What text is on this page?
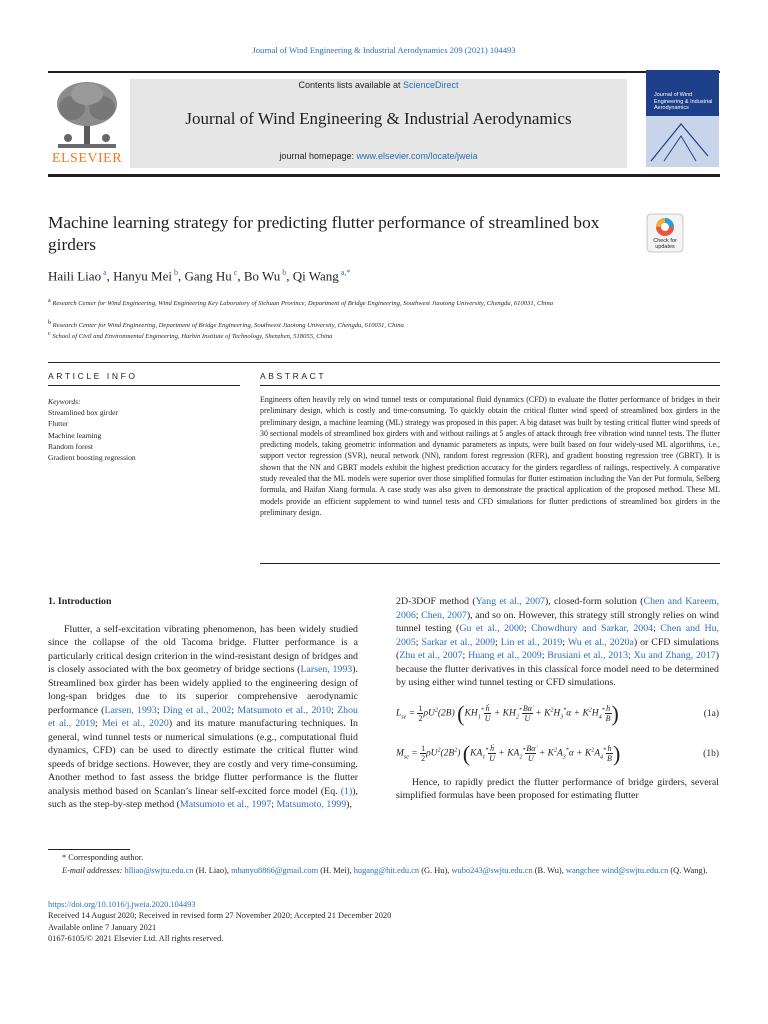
Journal of Wind Engineering & Industrial Aerodynamics 209 (2021) 104493
ELSEVIER
Contents lists available at ScienceDirect
Journal of Wind Engineering & Industrial Aerodynamics
journal homepage: www.elsevier.com/locate/jweia
Journal of Wind Engineering & Industrial Aerodynamics
Machine learning strategy for predicting flutter performance of streamlined box girders	Check for updates
Haili Liao $^a$, Hanyu Mei $^b$, Gang Hu $^c$, Bo Wu $^b$, Qi Wang $^{a,*}$
$^a$ Research Center for Wind Engineering, Wind Engineering Key Laboratory of Sichuan Province, Department of Bridge Engineering, Southwest Jiaotong University, Chengdu, 610031, China
$^b$ Research Center for Wind Engineering, Department of Bridge Engineering, Southwest Jiaotong University, Chengdu, 610031, China
$^c$ School of Civil and Environmental Engineering, Harbin Institute of Technology, Shenzhen, 518055, China
ARTICLE INFO	ABSTRACT
Keywords:
Streamlined box girder
Flutter
Machine learning
Random forest
Gradient boosting regression
Engineers often heavily rely on wind tunnel tests or computational fluid dynamics (CFD) to evaluate the flutter performance of bridges in their preliminary design, which is costly and time-consuming. To quickly obtain the critical flutter wind speed of streamlined box girders in the preliminary design, a machine learning (ML) strategy was proposed in this paper. A big dataset was built by testing critical flutter wind speeds of 30 sectional models of streamlined box girders with and without railings at 5 angles of attack through free vibration wind tunnel tests. The flutter predicting models, taking geometric information and dynamic parameters as inputs, were built based on four widely-used ML algorithms, i.e., support vector regression (SVR), neural network (NN), random forest regression (RFR), and gradient boosting regression tree (GBRT). It is shown that the NN and GBRT models exhibit the highest prediction accuracy for the girders regardless of railings, respectively. A comparative study revealed that the ML models were superior over those simplified formulas for flutter estimation including the Van der Put formula, Selberg formula, and Haifan Xiang formula. A case study was also given to demonstrate the practical application of the proposed method. These ML models provide an efficient supplement to wind tunnel tests and CFD simulations for flutter predictions of streamlined box girders in the preliminary design.
1. Introduction
Flutter, a self-excitation vibrating phenomenon, has been widely studied since the collapse of the old Tacoma bridge. Flutter performance is a particularly critical design criterion in the wind-resistant design of bridges and is closely associated with the box geometry of bridge sections (Larsen, 1993). Streamlined box girder has been widely applied to the engineering design of long-span bridges due to its superior comprehensive aerodynamic performance (Larsen, 1993; Ding et al., 2002; Matsumoto et al., 2010; Zhou et al., 2019; Mei et al., 2020) and its mature manufacturing techniques. In general, wind tunnel tests or numerical simulations (e.g., computational fluid dynamics, CFD) can be used to directly estimate the critical flutter wind speeds of bridge sections. However, they are costly and very time-consuming. Another method to fast assess the bridge flutter performance is the flutter analysis method based on Scanlan’s linear self-excited force model (Eq. (1)), such as the step-by-step method (Matsumoto et al., 1997; Matsumoto, 1999),
2D-3DOF method (Yang et al., 2007), closed-form solution (Chen and Kareem, 2006; Chen, 2007), and so on. However, this strategy still strongly relies on wind tunnel testing (Gu et al., 2000; Chowdhury and Sarkar, 2004; Chen and Hu, 2005; Sarkar et al., 2009; Lin et al., 2019; Wu et al., 2020a) or CFD simulations (Zhu et al., 2007; Huang et al., 2009; Brusiani et al., 2013; Xu and Zhang, 2017) because the flutter derivatives in this classical force model need to be determined by using either wind tunnel testing or CFD simulations.
$L_{se} = \frac{1}{2} \rho U^2(2B)$ ($KH_1^* \frac{\text{ḣ}}{U} + KH_2^* \frac{B\alphȧ}{U} + K^2H_3^*\alpha + K^2H_4^* \frac{h}{B}$ )	(1a)
$M_{se} = \frac{1}{2} \rho U^2(2B^2)$ ($KA_1^* \frac{\text{ḣ}}{U} + KA_2^* \frac{B\alphȧ}{U} + K^2A_3^*\alpha + K^2A_4^* \frac{h}{B}$ )	(1b)
Hence, to rapidly predict the flutter performance of bridge girders, several simplified formulas have been proposed for estimating flutter
* Corresponding author.
E-mail addresses: hlliao@swjtu.edu.cn (H. Liao), mhanyu8866@gmail.com (H. Mei), hugang@hit.edu.cn (G. Hu), wubo243@swjtu.edu.cn (B. Wu), wangchee wind@swjtu.edu.cn (Q. Wang).
https://doi.org/10.1016/j.jweia.2020.104493
Received 14 August 2020; Received in revised form 27 November 2020; Accepted 21 December 2020
Available online 7 January 2021
0167-6105/© 2021 Elsevier Ltd. All rights reserved.
